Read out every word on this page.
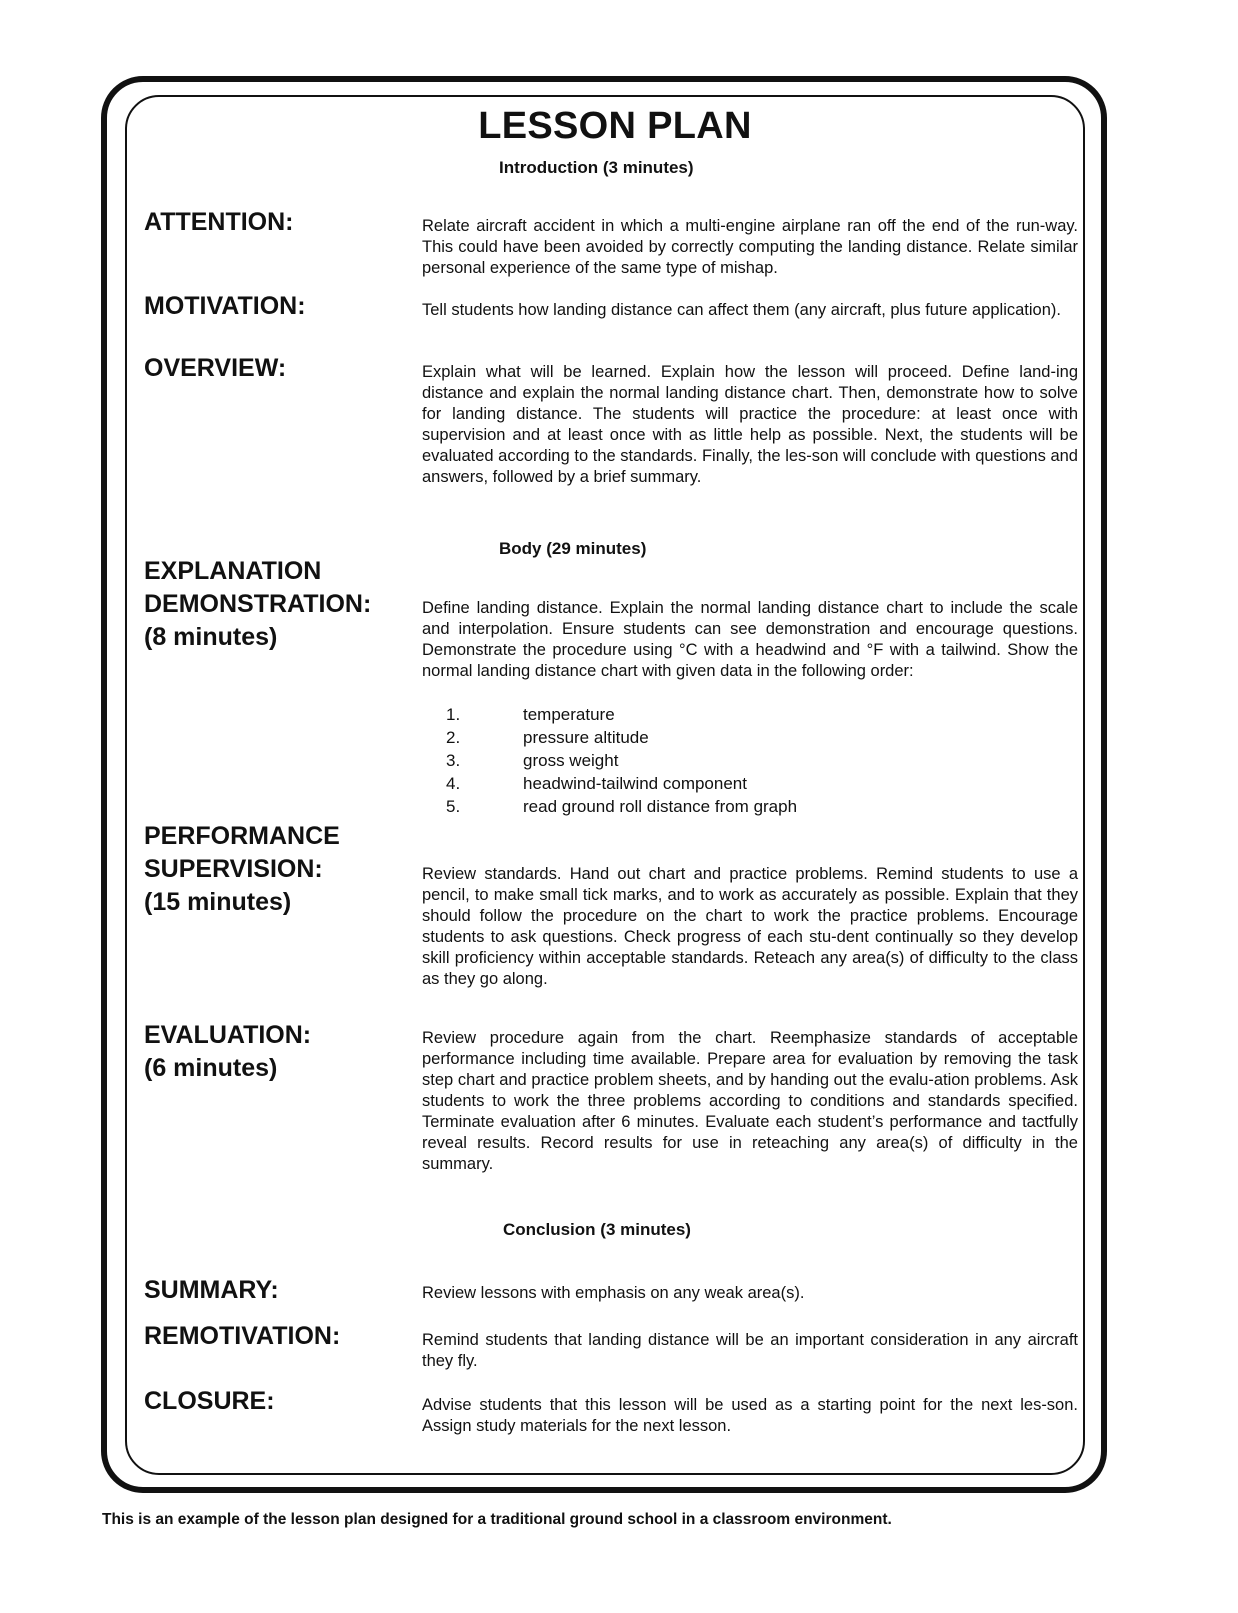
LESSON PLAN
Introduction (3 minutes)
ATTENTION:	Relate aircraft accident in which a multi-engine airplane ran off the end of the run-way. This could have been avoided by correctly computing the landing distance. Relate similar personal experience of the same type of mishap.
MOTIVATION:	Tell students how landing distance can affect them (any aircraft, plus future application).
OVERVIEW:	Explain what will be learned. Explain how the lesson will proceed. Define land-ing distance and explain the normal landing distance chart. Then, demonstrate how to solve for landing distance. The students will practice the procedure: at least once with supervision and at least once with as little help as possible. Next, the students will be evaluated according to the standards. Finally, the les-son will conclude with questions and answers, followed by a brief summary.
Body (29 minutes)
EXPLANATION
DEMONSTRATION:
(8 minutes)
Define landing distance. Explain the normal landing distance chart to include the scale and interpolation. Ensure students can see demonstration and encourage questions. Demonstrate the procedure using °C with a headwind and °F with a tailwind. Show the normal landing distance chart with given data in the following order:
1.	temperature
2.	pressure altitude
3.	gross weight
4.	headwind-tailwind component
5.	read ground roll distance from graph
PERFORMANCE
SUPERVISION:
(15 minutes)
Review standards. Hand out chart and practice problems. Remind students to use a pencil, to make small tick marks, and to work as accurately as possible. Explain that they should follow the procedure on the chart to work the practice problems. Encourage students to ask questions. Check progress of each stu-dent continually so they develop skill proficiency within acceptable standards. Reteach any area(s) of difficulty to the class as they go along.
EVALUATION:
(6 minutes)
Review procedure again from the chart. Reemphasize standards of acceptable performance including time available. Prepare area for evaluation by removing the task step chart and practice problem sheets, and by handing out the evalu-ation problems. Ask students to work the three problems according to conditions and standards specified. Terminate evaluation after 6 minutes. Evaluate each student’s performance and tactfully reveal results. Record results for use in reteaching any area(s) of difficulty in the summary.
Conclusion (3 minutes)
SUMMARY:	Review lessons with emphasis on any weak area(s).
REMOTIVATION:	Remind students that landing distance will be an important consideration in any aircraft they fly.
CLOSURE:	Advise students that this lesson will be used as a starting point for the next les-son. Assign study materials for the next lesson.
This is an example of the lesson plan designed for a traditional ground school in a classroom environment.
